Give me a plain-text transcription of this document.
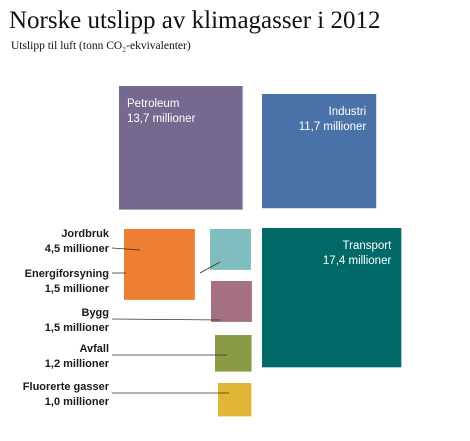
Norske utslipp av klimagasser i 2012
Utslipp til luft (tonn CO₂-ekvivalenter)
Petroleum
13,7 millioner
Industri
11,7 millioner
Transport
17,4 millioner
Jordbruk
4,5 millioner
Energiforsyning
1,5 millioner
Bygg
1,5 millioner
Avfall
1,2 millioner
Fluorerte gasser
1,0 millioner
